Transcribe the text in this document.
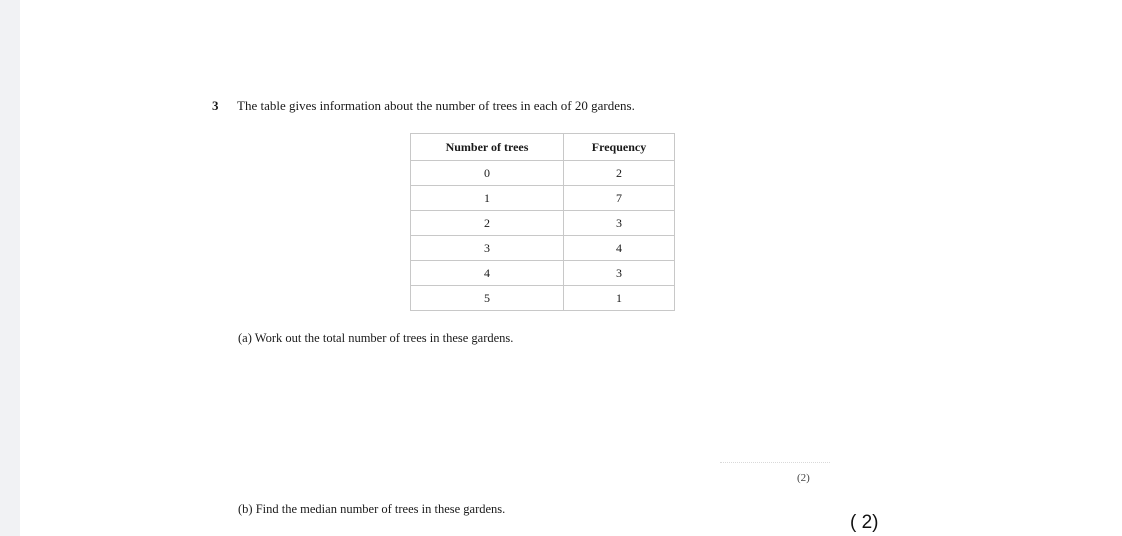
3 The table gives information about the number of trees in each of 20 gardens.
Number of trees	Frequency
0	2
1	7
2	3
3	4
4	3
5	1
(a) Work out the total number of trees in these gardens.
(2)
(b) Find the median number of trees in these gardens.
( 2)
